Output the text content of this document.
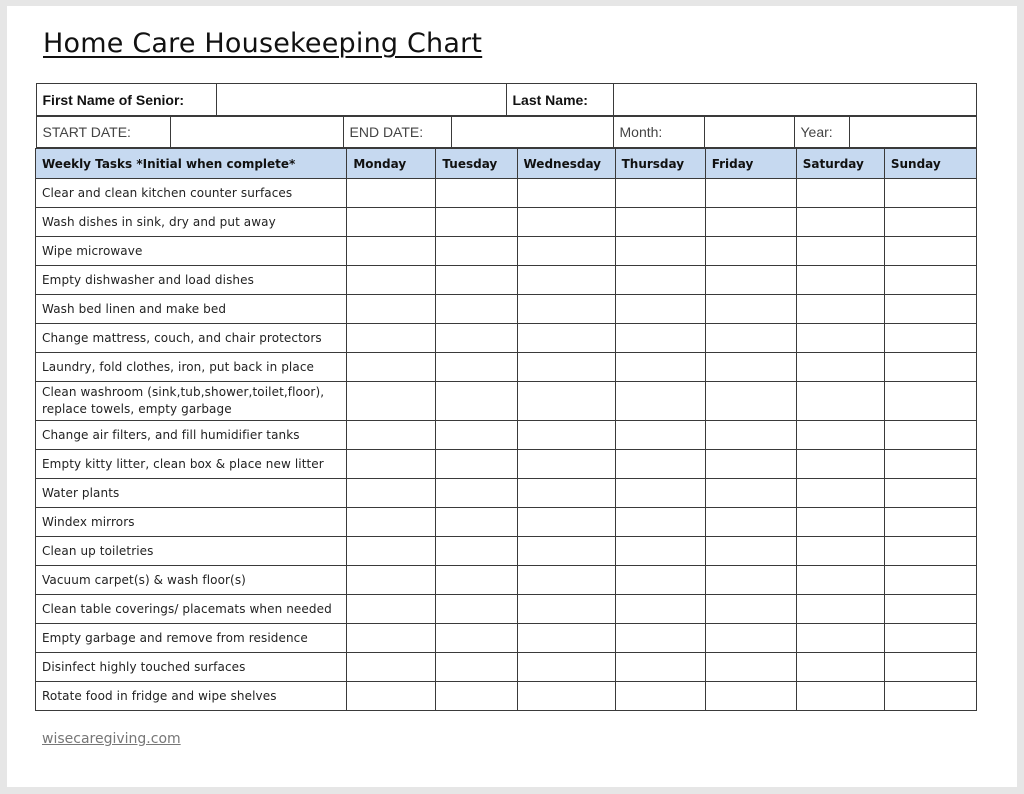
Home Care Housekeeping Chart
First Name of Senior:		Last Name:	
START DATE:		END DATE:		Month:		Year:	

Weekly Tasks *Initial when complete*	Monday	Tuesday	Wednesday	Thursday	Friday	Saturday	Sunday
Clear and clean kitchen counter surfaces							
Wash dishes in sink, dry and put away							
Wipe microwave							
Empty dishwasher and load dishes							
Wash bed linen and make bed							
Change mattress, couch, and chair protectors							
Laundry, fold clothes, iron, put back in place							
Clean washroom (sink,tub,shower,toilet,floor), replace towels, empty garbage							
Change air filters, and fill humidifier tanks							
Empty kitty litter, clean box & place new litter							
Water plants							
Windex mirrors							
Clean up toiletries							
Vacuum carpet(s) & wash floor(s)							
Clean table coverings/ placemats when needed							
Empty garbage and remove from residence							
Disinfect highly touched surfaces							
Rotate food in fridge and wipe shelves							
wisecaregiving.com
